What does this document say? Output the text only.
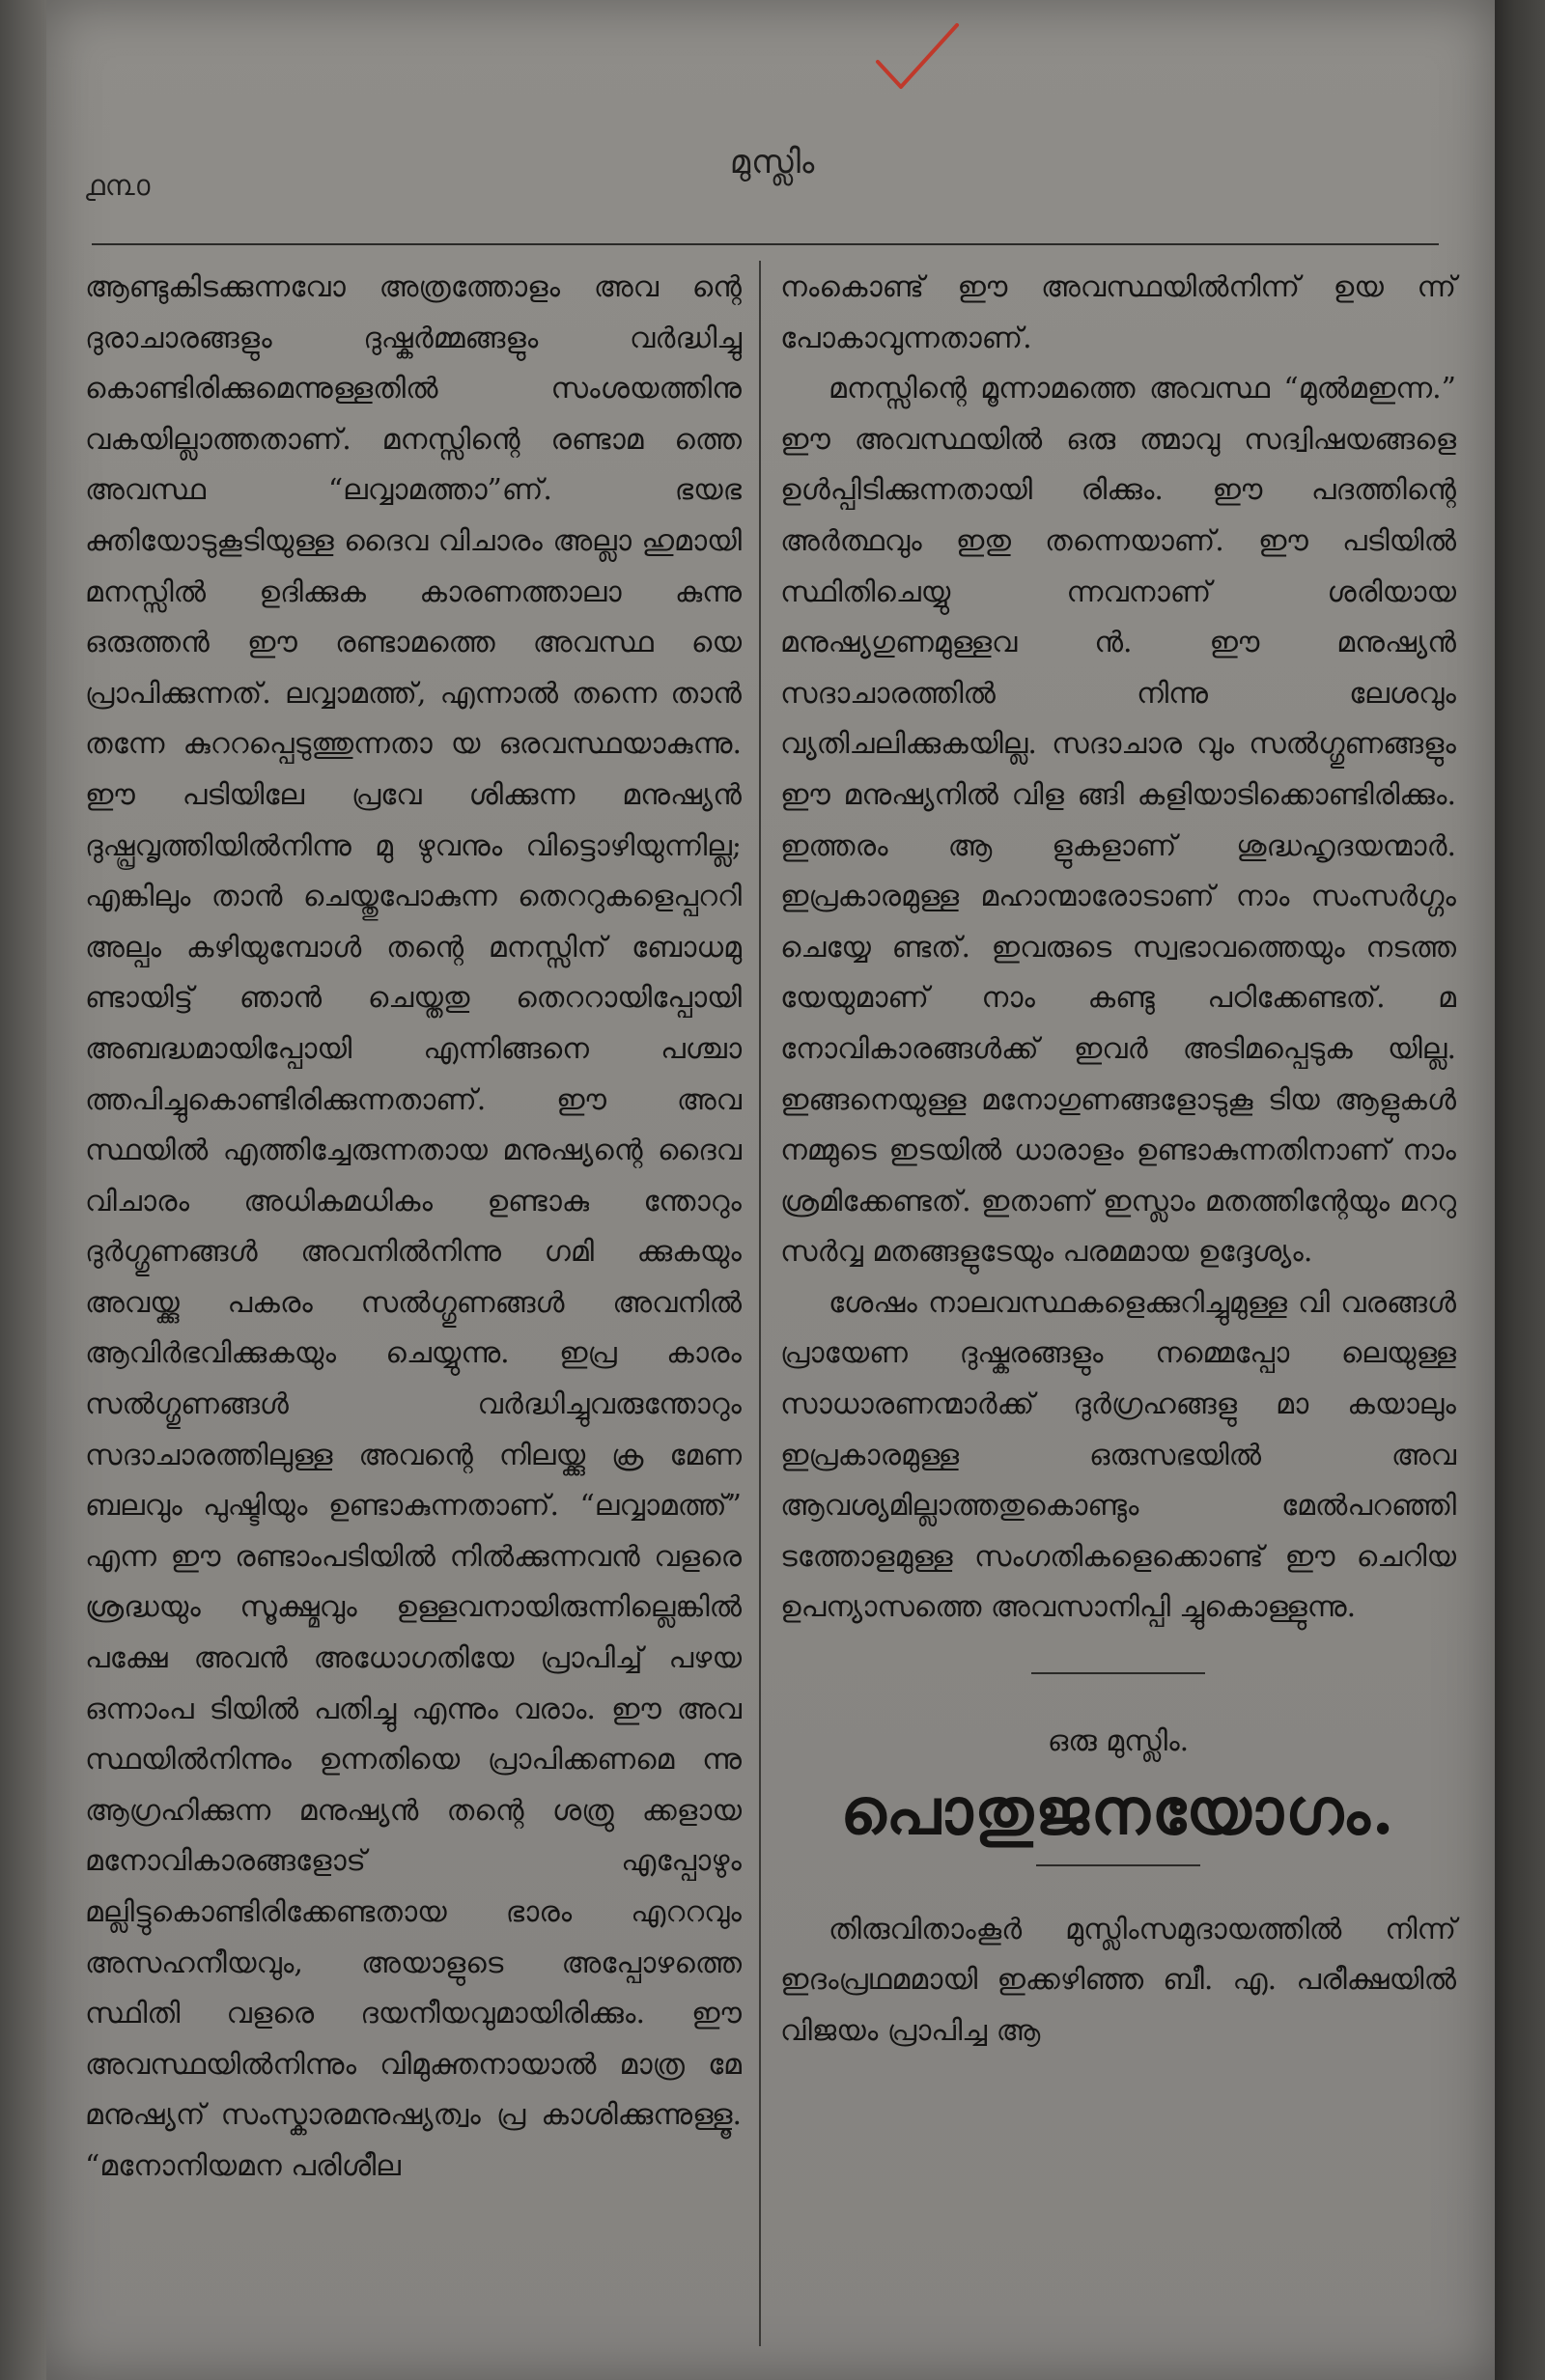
൧൩൦
മുസ്ലിം

ആണ്ടുകിടക്കുന്നവോ അത്രത്തോളം അവ ന്റെ ദുരാചാരങ്ങളും ദുഷ്കർമ്മങ്ങളും വർദ്ധിച്ചു കൊണ്ടിരിക്കുമെന്നുള്ളതിൽ സംശയത്തിനു വകയില്ലാത്തതാണ്. മനസ്സിന്റെ രണ്ടാമ ത്തെ അവസ്ഥ “ലവ്വാമത്താ”ണ്. ഭയഭ ക്തിയോടുകൂടിയുള്ള ദൈവ വിചാരം അല്ലാ ഹുമായി മനസ്സിൽ ഉദിക്കുക കാരണത്താലാ കുന്നു ഒരുത്തൻ ഈ രണ്ടാമത്തെ അവസ്ഥ യെ പ്രാപിക്കുന്നത്. ലവ്വാമത്ത്, എന്നാൽ തന്നെ താൻ തന്നേ കുററപ്പെടുത്തുന്നതാ യ ഒരവസ്ഥയാകുന്നു. ഈ പടിയിലേ പ്രവേ ശിക്കുന്ന മനുഷ്യൻ ദുഷ്പ്രവൃത്തിയിൽനിന്നു മു ഴുവനും വിട്ടൊഴിയുന്നില്ല; എങ്കിലും താൻ ചെയ്തുപോകുന്ന തെററുകളെപ്പററി അല്പം കഴിയുമ്പോൾ തന്റെ മനസ്സിന് ബോധമു ണ്ടായിട്ട് ഞാൻ ചെയ്തതു തെററായിപ്പോയി അബദ്ധമായിപ്പോയി എന്നിങ്ങനെ പശ്ചാ ത്തപിച്ചുകൊണ്ടിരിക്കുന്നതാണ്. ഈ അവ സ്ഥയിൽ എത്തിച്ചേരുന്നതായ മനുഷ്യന്റെ ദൈവ വിചാരം അധികമധികം ഉണ്ടാകു ന്തോറും ദുർഗ്ഗുണങ്ങൾ അവനിൽനിന്നു ഗമി ക്കുകയും അവയ്ക്കു പകരം സൽഗ്ഗുണങ്ങൾ അവനിൽ ആവിർഭവിക്കുകയും ചെയ്യുന്നു. ഇപ്ര കാരം സൽഗ്ഗുണങ്ങൾ വർദ്ധിച്ചുവരുന്തോറും സദാചാരത്തിലുള്ള അവന്റെ നിലയ്ക്കു ക്ര മേണ ബലവും പുഷ്ടിയും ഉണ്ടാകുന്നതാണ്. “ലവ്വാമത്ത്” എന്ന ഈ രണ്ടാംപടിയിൽ നിൽക്കുന്നവൻ വളരെ ശ്രദ്ധയും സൂക്ഷ്മവും ഉള്ളവനായിരുന്നില്ലെങ്കിൽ പക്ഷേ അവൻ അധോഗതിയേ പ്രാപിച്ച് പഴയ ഒന്നാംപ ടിയിൽ പതിച്ചു എന്നും വരാം. ഈ അവ സ്ഥയിൽനിന്നും ഉന്നതിയെ പ്രാപിക്കണമെ ന്നു ആഗ്രഹിക്കുന്ന മനുഷ്യൻ തന്റെ ശത്രു ക്കളായ മനോവികാരങ്ങളോട് എപ്പോഴും മല്ലിട്ടുകൊണ്ടിരിക്കേണ്ടതായ ഭാരം എററവും അസഹനീയവും, അയാളുടെ അപ്പോഴത്തെ സ്ഥിതി വളരെ ദയനീയവുമായിരിക്കും. ഈ അവസ്ഥയിൽനിന്നും വിമുക്തനായാൽ മാത്ര മേ മനുഷ്യന് സംസ്കാരമനുഷ്യത്വം പ്ര കാശിക്കുന്നുള്ളൂ. “മനോനിയമന പരിശീല

നംകൊണ്ട് ഈ അവസ്ഥയിൽനിന്ന് ഉയ ന്ന് പോകാവുന്നതാണ്.

മനസ്സിന്റെ മൂന്നാമത്തെ അവസ്ഥ “മുൽമഇന്ന.” ഈ അവസ്ഥയിൽ ഒരു ത്മാവു സദ്വിഷയങ്ങളെ ഉൾപ്പിടിക്കുന്നതായി രിക്കും. ഈ പദത്തിന്റെ അർത്ഥവും ഇതു തന്നെയാണ്. ഈ പടിയിൽ സ്ഥിതിചെയ്യു ന്നവനാണ് ശരിയായ മനുഷ്യഗുണമുള്ളവ ൻ. ഈ മനുഷ്യൻ സദാചാരത്തിൽ നിന്നു ലേശവും വ്യതിചലിക്കുകയില്ല. സദാചാര വും സൽഗ്ഗുണങ്ങളും ഈ മനുഷ്യനിൽ വിള ങ്ങി കളിയാടിക്കൊണ്ടിരിക്കും. ഇത്തരം ആ ളുകളാണ് ശുദ്ധഹൃദയന്മാർ. ഇപ്രകാരമുള്ള മഹാന്മാരോടാണ് നാം സംസർഗ്ഗം ചെയ്യേ ണ്ടത്. ഇവരുടെ സ്വഭാവത്തെയും നടത്ത യേയുമാണ് നാം കണ്ടു പഠിക്കേണ്ടത്. മ നോവികാരങ്ങൾക്ക് ഇവർ അടിമപ്പെടുക യില്ല. ഇങ്ങനെയുള്ള മനോഗുണങ്ങളോടുകൂ ടിയ ആളുകൾ നമ്മുടെ ഇടയിൽ ധാരാളം ഉണ്ടാകുന്നതിനാണ് നാം ശ്രമിക്കേണ്ടത്. ഇതാണ് ഇസ്ലാം മതത്തിന്റേയും മററു സർവ്വ മതങ്ങളുടേയും പരമമായ ഉദ്ദേശ്യം.

ശേഷം നാലവസ്ഥകളെക്കുറിച്ചുമുള്ള വി വരങ്ങൾ പ്രായേണ ദുഷ്കരങ്ങളും നമ്മെപ്പോ ലെയുള്ള സാധാരണന്മാർക്ക് ദുർഗ്രഹങ്ങളു മാ കയാലും ഇപ്രകാരമുള്ള ഒരുസഭയിൽ അവ ആവശ്യമില്ലാത്തതുകൊണ്ടും മേൽപറഞ്ഞി ടത്തോളമുള്ള സംഗതികളെക്കൊണ്ട് ഈ ചെറിയ ഉപന്യാസത്തെ അവസാനിപ്പി ച്ചുകൊള്ളുന്നു.

ഒരു മുസ്ലിം.

പൊതുജനയോഗം.

തിരുവിതാംകൂർ മുസ്ലിംസമുദായത്തിൽ നിന്ന് ഇദംപ്രഥമമായി ഇക്കഴിഞ്ഞ ബീ. എ. പരീക്ഷയിൽ വിജയം പ്രാപിച്ച ആ
